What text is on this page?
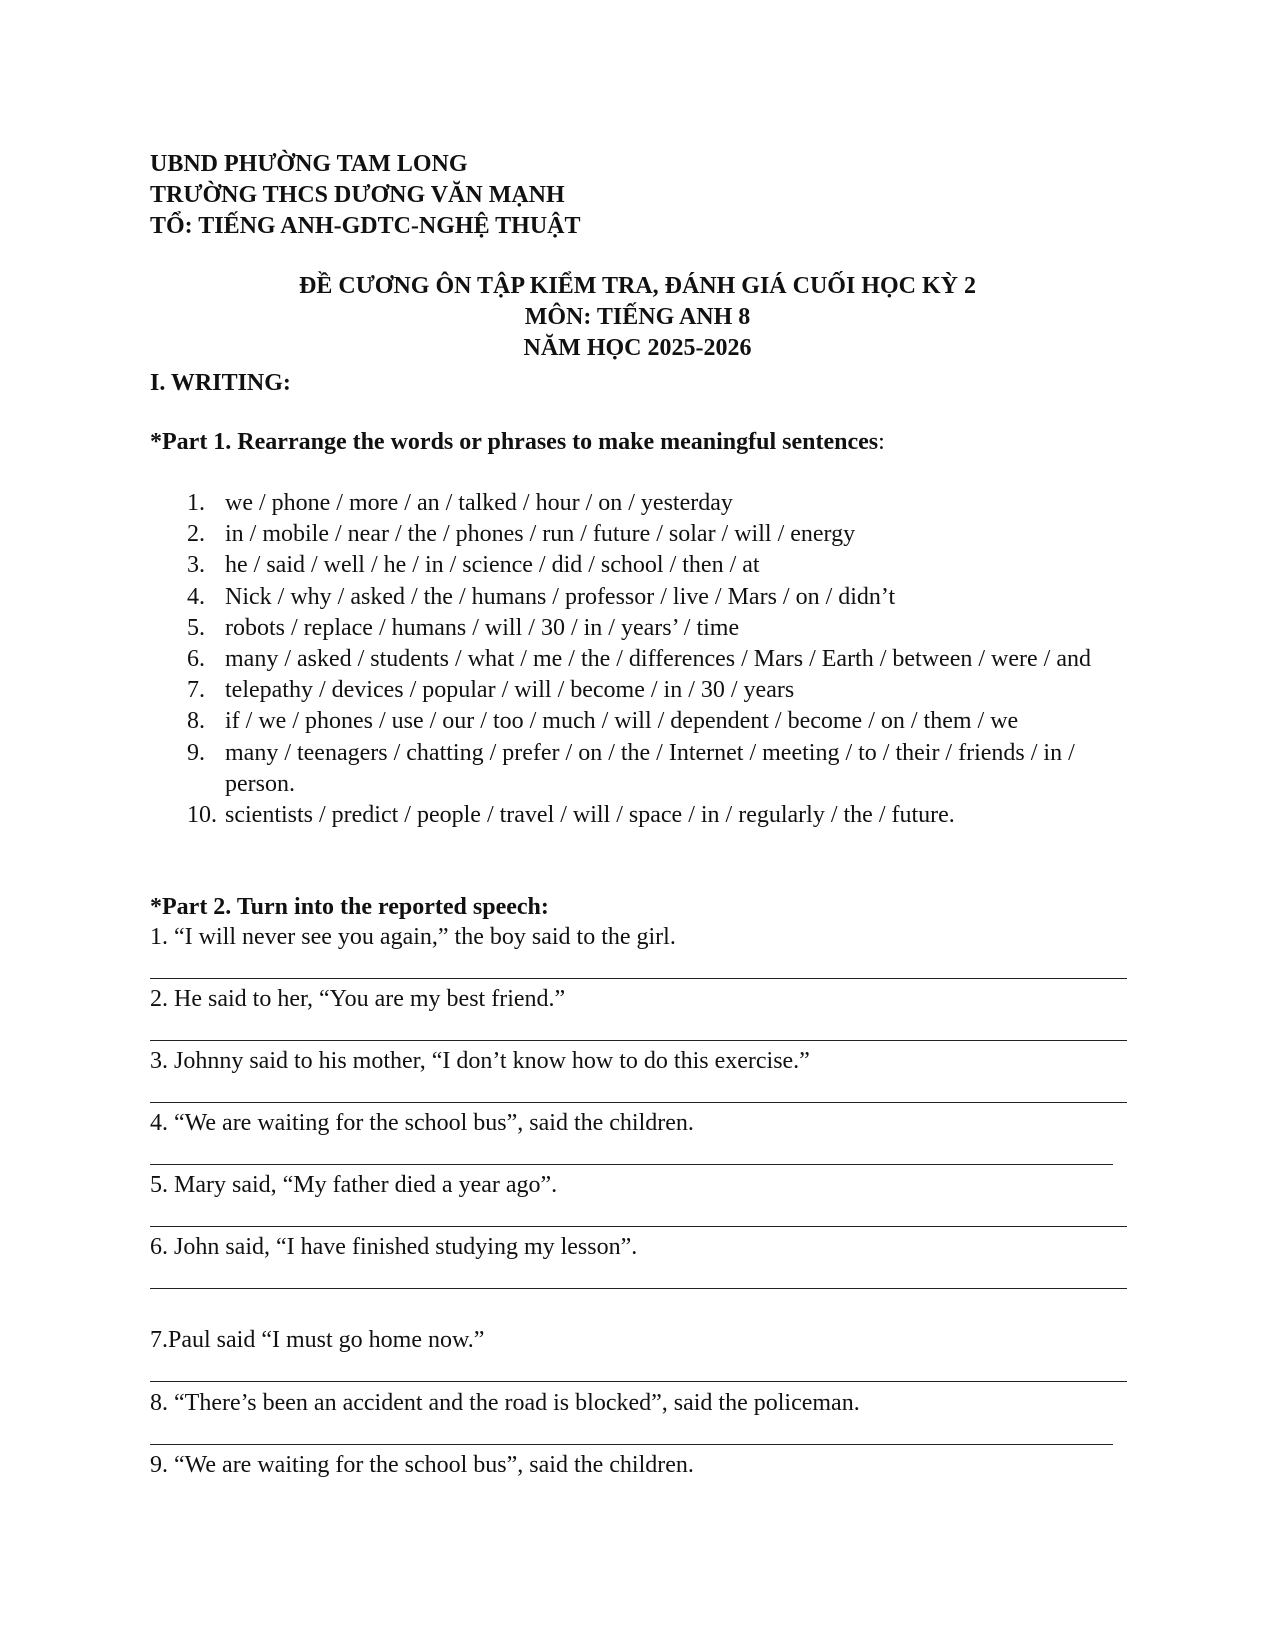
UBND PHƯỜNG TAM LONG
TRƯỜNG THCS DƯƠNG VĂN MẠNH
TỔ: TIẾNG ANH-GDTC-NGHỆ THUẬT
ĐỀ CƯƠNG ÔN TẬP KIỂM TRA, ĐÁNH GIÁ CUỐI HỌC KỲ 2
MÔN: TIẾNG ANH 8
NĂM HỌC 2025-2026
I. WRITING:
*Part 1. Rearrange the words or phrases to make meaningful sentences:
1. we / phone / more / an / talked / hour / on / yesterday
2. in / mobile / near / the / phones / run / future / solar / will / energy
3. he / said / well / he / in / science / did / school / then / at
4. Nick / why / asked / the / humans / professor / live / Mars / on / didn’t
5. robots / replace / humans / will / 30 / in / years’ / time
6. many / asked / students / what / me / the / differences / Mars / Earth / between / were / and
7. telepathy / devices / popular / will / become / in / 30 / years
8. if / we / phones / use / our / too / much / will / dependent / become / on / them / we
9. many / teenagers / chatting / prefer / on / the / Internet / meeting / to / their / friends / in / person.
10. scientists / predict / people / travel / will / space / in / regularly / the / future.
*Part 2. Turn into the reported speech:
1. “I will never see you again,” the boy said to the girl.
2. He said to her, “You are my best friend.”
3. Johnny said to his mother, “I don’t know how to do this exercise.”
4. “We are waiting for the school bus”, said the children.
5. Mary said, “My father died a year ago”.
6. John said, “I have finished studying my lesson”.
7.Paul said “I must go home now.”
8. “There’s been an accident and the road is blocked”, said the policeman.
9. “We are waiting for the school bus”, said the children.
